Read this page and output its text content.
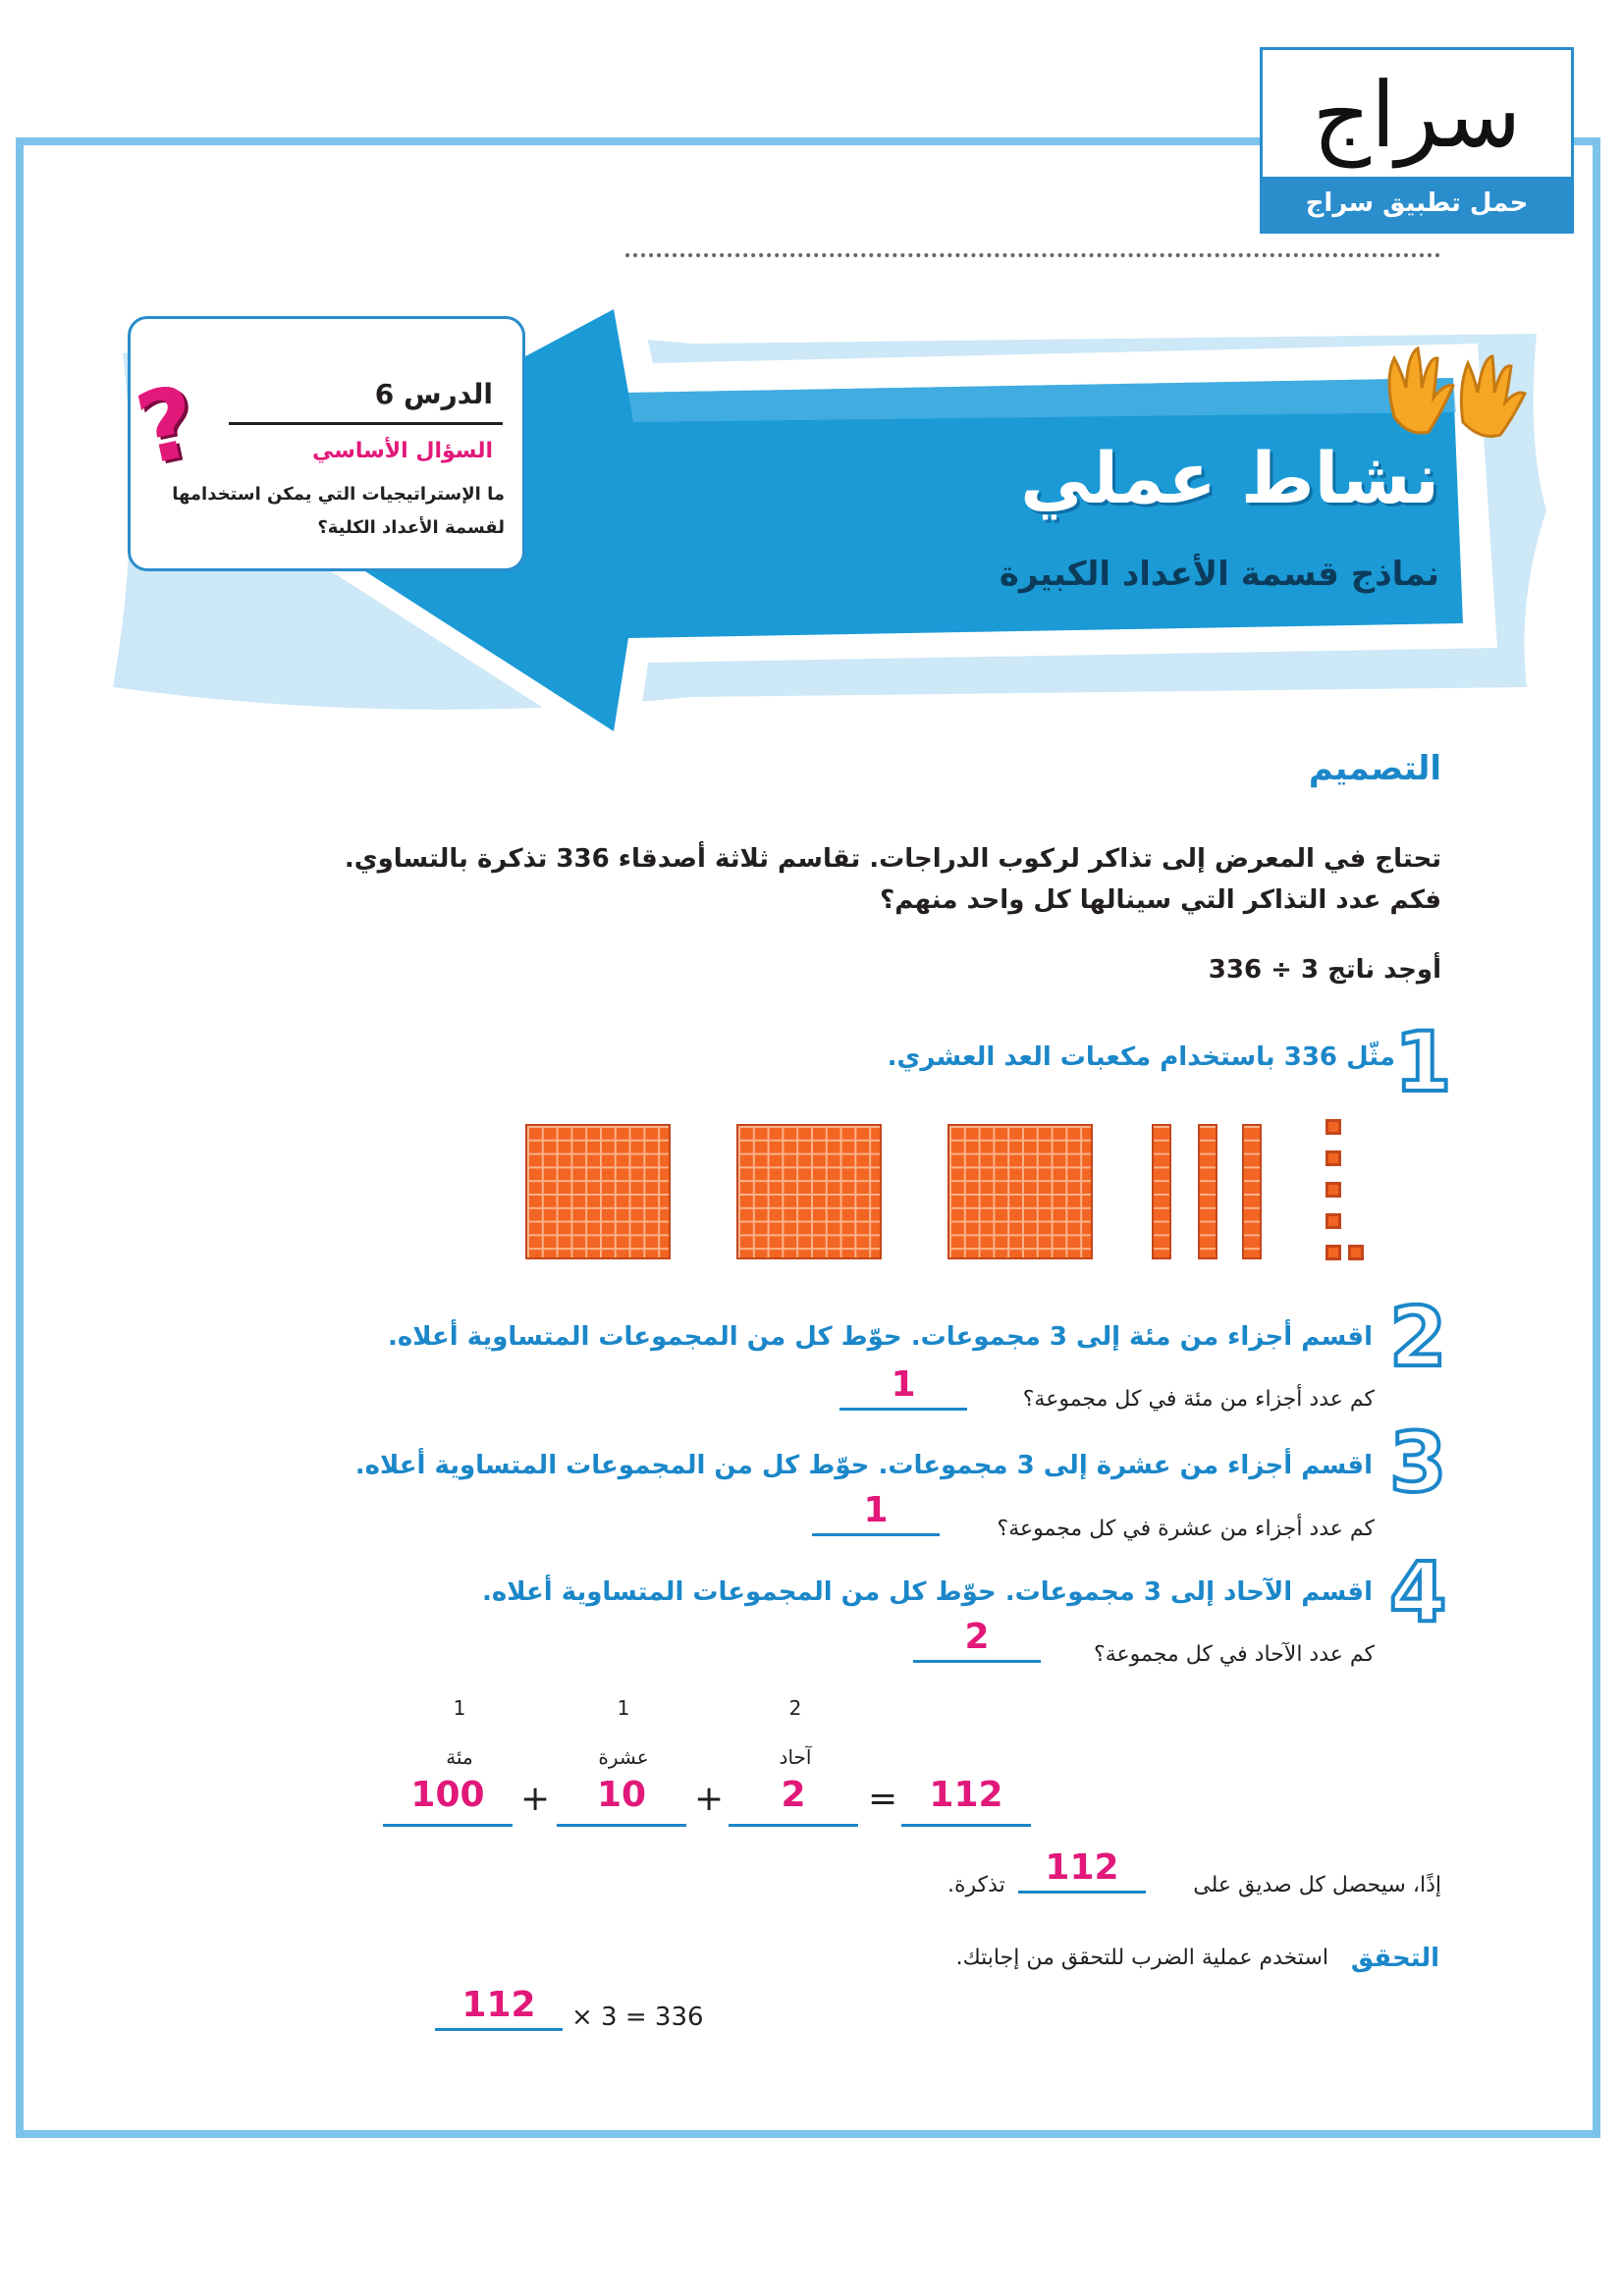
سراج
حمل تطبيق سراج
نشاط عملي
نماذج قسمة الأعداد الكبيرة
الدرس 6
السؤال الأساسي
ما الإستراتيجيات التي يمكن استخدامها لقسمة الأعداد الكلية؟
?
التصميم
تحتاج في المعرض إلى تذاكر لركوب الدراجات. تقاسم ثلاثة أصدقاء 336 تذكرة بالتساوي.
فكم عدد التذاكر التي سينالها كل واحد منهم؟
أوجد ناتج 3 ÷ 336
1
مثّل 336 باستخدام مكعبات العد العشري.
2
اقسم أجزاء من مئة إلى 3 مجموعات. حوّط كل من المجموعات المتساوية أعلاه.
كم عدد أجزاء من مئة في كل مجموعة؟
1
3
اقسم أجزاء من عشرة إلى 3 مجموعات. حوّط كل من المجموعات المتساوية أعلاه.
كم عدد أجزاء من عشرة في كل مجموعة؟
1
4
اقسم الآحاد إلى 3 مجموعات. حوّط كل من المجموعات المتساوية أعلاه.
كم عدد الآحاد في كل مجموعة؟
2
1	1	2
مئة	عشرة	آحاد
100	+	10	+	2	= 112
إذًا، سيحصل كل صديق على
112
تذكرة.
التحقق
استخدم عملية الضرب للتحقق من إجابتك.
112	× 3 = 336
